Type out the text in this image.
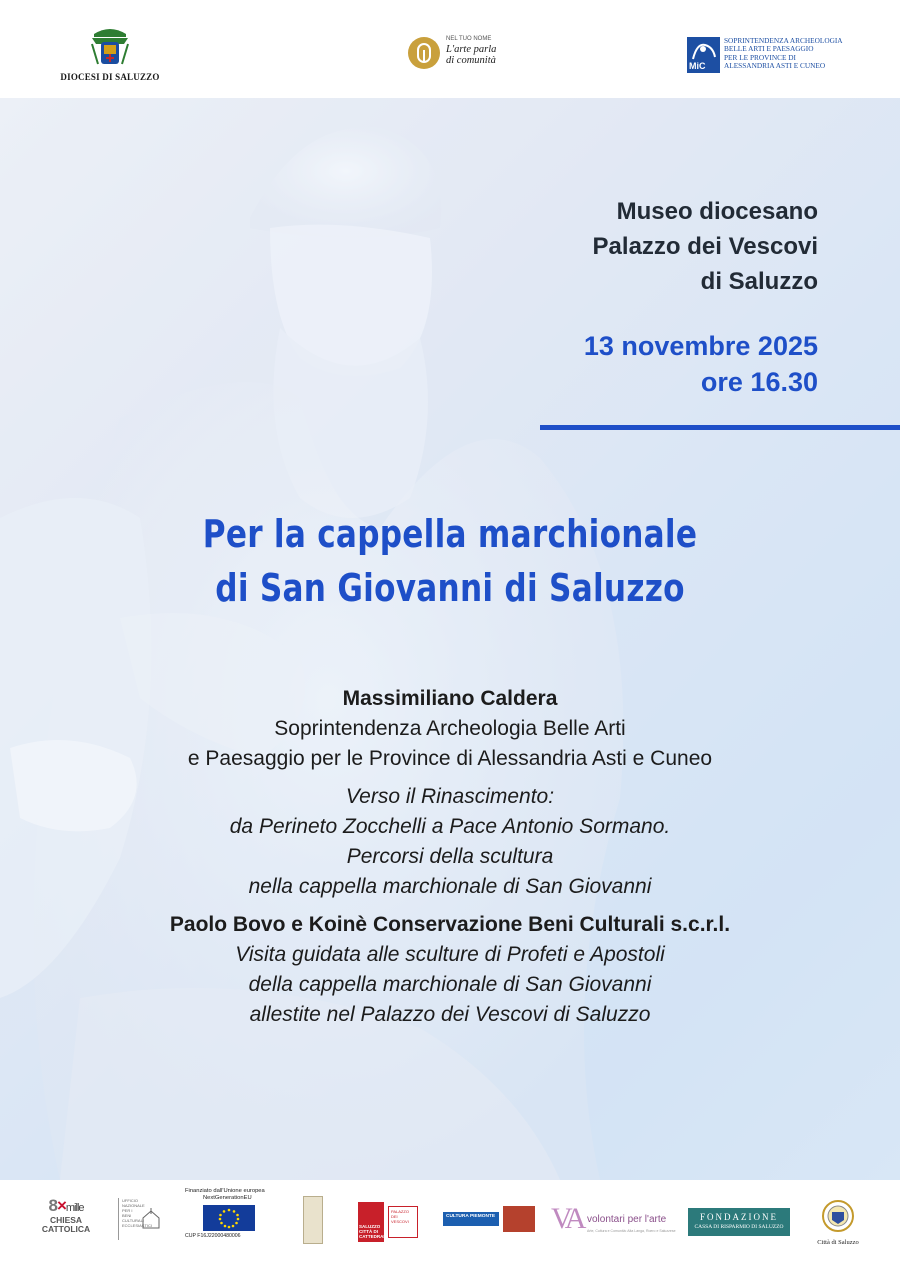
DIOCESI DI SALUZZO
NEL TUO NOME
L'arte parla
di comunità	MiC
SOPRINTENDENZA ARCHEOLOGIA
BELLE ARTI E PAESAGGIO
PER LE PROVINCE DI
ALESSANDRIA ASTI E CUNEO
Museo diocesano
Palazzo dei Vescovi
di Saluzzo
13 novembre 2025
ore 16.30
Per la cappella marchionale
di San Giovanni di Saluzzo
Massimiliano Caldera
Soprintendenza Archeologia Belle Arti
e Paesaggio per le Province di Alessandria Asti e Cuneo
Verso il Rinascimento:
da Perineto Zocchelli a Pace Antonio Sormano.
Percorsi della scultura
nella cappella marchionale di San Giovanni
Paolo Bovo e Koinè Conservazione Beni Culturali s.c.r.l.
Visita guidata alle sculture di Profeti e Apostoli
della cappella marchionale di San Giovanni
allestite nel Palazzo dei Vescovi di Saluzzo
8×mille
CHIESA
CATTOLICA
UFFICIO NAZIONALE PER I BENI CULTURALI ECCLESIASTICI
Finanziato dall'Unione europea
NextGenerationEU
CUP F16J22000480006
SALUZZO CITTÀ DI CATTEDRALI
PALAZZO DEI VESCOVI
CULTURA PIEMONTE
2025 VA volontari per l'arte
Arte, Cultura e Comunità: Alta Langa, Roero e Saluzzese
FONDAZIONE
CASSA DI RISPARMIO DI SALUZZO
Città di Saluzzo
